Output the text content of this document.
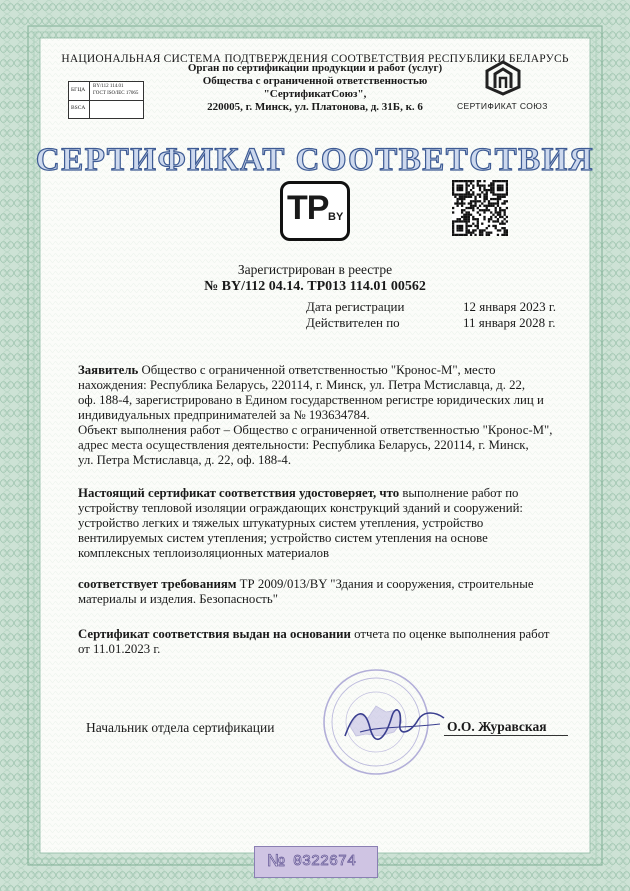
НАЦИОНАЛЬНАЯ СИСТЕМА ПОДТВЕРЖДЕНИЯ СООТВЕТСТВИЯ РЕСПУБЛИКИ БЕЛАРУСЬ
Орган по сертификации продукции и работ (услуг)
Общества с ограниченной ответственностью
"СертификатСоюз",
220005, г. Минск, ул. Платонова, д. 31Б, к. 6
БГЦА
BSCA
BY/112 114.01
ГОСТ ISO/IEC 17065
СЕРТИФИКАТ СОЮЗ
СЕРТИФИКАТ СООТВЕТСТВИЯ
TP BY
Зарегистрирован в реестре
№ BY/112 04.14. ТР013 114.01 00562
Дата регистрации	12 января 2023 г.
Действителен по	11 января 2028 г.
Заявитель Общество с ограниченной ответственностью "Кронос-М", место
нахождения: Республика Беларусь, 220114, г. Минск, ул. Петра Мстиславца, д. 22,
оф. 188-4, зарегистрировано в Едином государственном регистре юридических лиц и
индивидуальных предпринимателей за № 193634784.
Объект выполнения работ – Общество с ограниченной ответственностью "Кронос-М",
адрес места осуществления деятельности: Республика Беларусь, 220114, г. Минск,
ул. Петра Мстиславца, д. 22, оф. 188-4.
Настоящий сертификат соответствия удостоверяет, что выполнение работ по
устройству тепловой изоляции ограждающих конструкций зданий и сооружений:
устройство легких и тяжелых штукатурных систем утепления, устройство
вентилируемых систем утепления; устройство систем утепления на основе
комплексных теплоизоляционных материалов
соответствует требованиям ТР 2009/013/BY "Здания и сооружения, строительные
материалы и изделия. Безопасность"
Сертификат соответствия выдан на основании отчета по оценке выполнения работ
от 11.01.2023 г.
Начальник отдела сертификации	О.О. Журавская
№ 0322674
